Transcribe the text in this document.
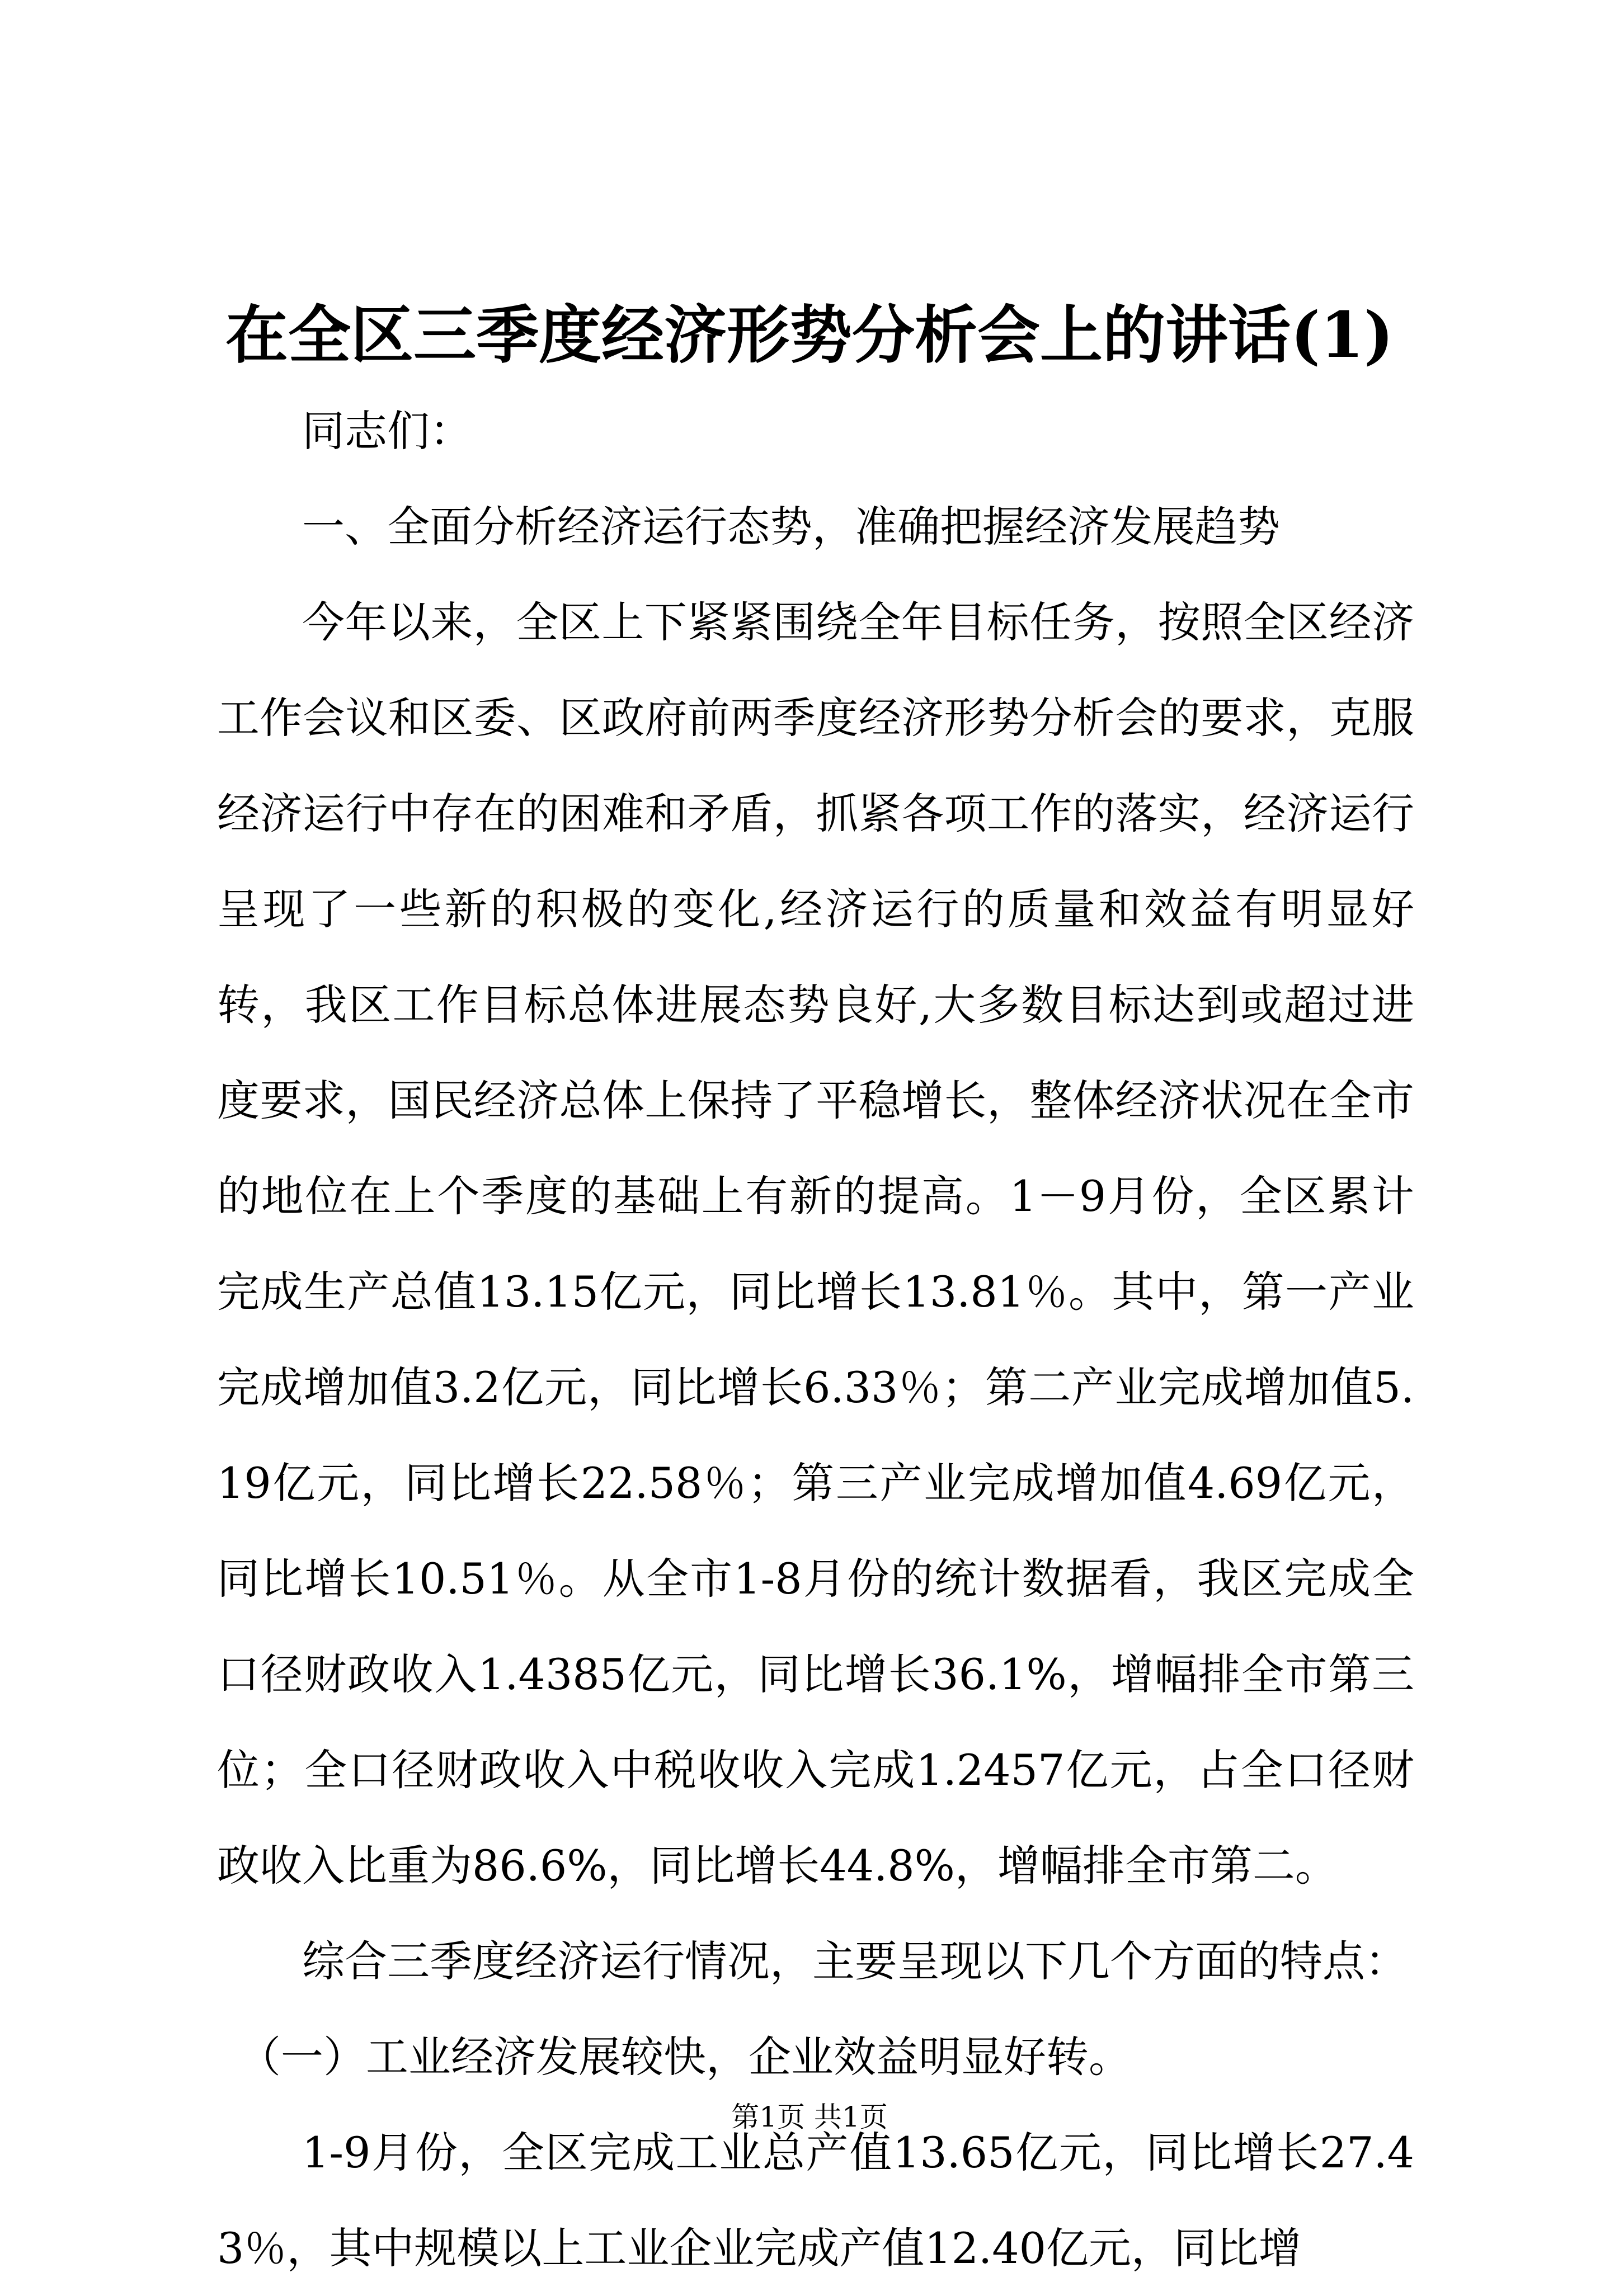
在全区三季度经济形势分析会上的讲话(1)

同志们：

一、全面分析经济运行态势，准确把握经济发展趋势

今年以来，全区上下紧紧围绕全年目标任务，按照全区经济工作会议和区委、区政府前两季度经济形势分析会的要求，克服经济运行中存在的困难和矛盾，抓紧各项工作的落实，经济运行呈现了一些新的积极的变化,经济运行的质量和效益有明显好转，我区工作目标总体进展态势良好,大多数目标达到或超过进度要求，国民经济总体上保持了平稳增长，整体经济状况在全市的地位在上个季度的基础上有新的提高。1－9月份，全区累计完成生产总值13.15亿元，同比增长13.81％。其中，第一产业完成增加值3.2亿元，同比增长6.33％；第二产业完成增加值5.19亿元，同比增长22.58％；第三产业完成增加值4.69亿元，同比增长10.51％。从全市1-8月份的统计数据看，我区完成全口径财政收入1.4385亿元，同比增长36.1%，增幅排全市第三位；全口径财政收入中税收收入完成1.2457亿元，占全口径财政收入比重为86.6%，同比增长44.8%，增幅排全市第二。

综合三季度经济运行情况，主要呈现以下几个方面的特点：

（一）工业经济发展较快，企业效益明显好转。

1-9月份，全区完成工业总产值13.65亿元，同比增长27.43％，其中规模以上工业企业完成产值12.40亿元，同比增

第1页 共1页
